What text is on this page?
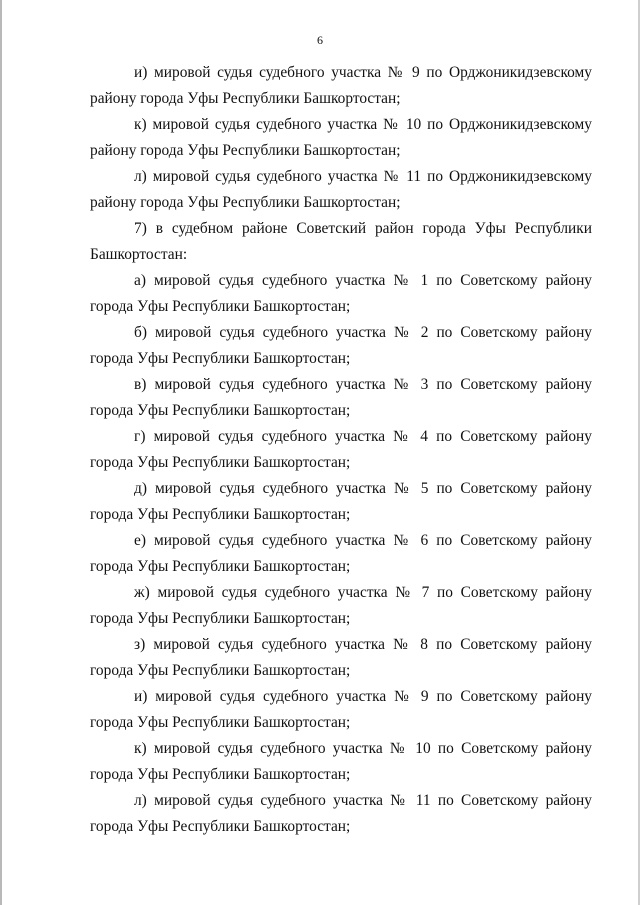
6

и) мировой судья судебного участка № 9 по Орджоникидзевскому району города Уфы Республики Башкортостан;

к) мировой судья судебного участка № 10 по Орджоникидзевскому району города Уфы Республики Башкортостан;

л) мировой судья судебного участка № 11 по Орджоникидзевскому району города Уфы Республики Башкортостан;

7) в судебном районе Советский район города Уфы Республики Башкортостан:

а) мировой судья судебного участка № 1 по Советскому району города Уфы Республики Башкортостан;

б) мировой судья судебного участка № 2 по Советскому району города Уфы Республики Башкортостан;

в) мировой судья судебного участка № 3 по Советскому району города Уфы Республики Башкортостан;

г) мировой судья судебного участка № 4 по Советскому району города Уфы Республики Башкортостан;

д) мировой судья судебного участка № 5 по Советскому району города Уфы Республики Башкортостан;

е) мировой судья судебного участка № 6 по Советскому району города Уфы Республики Башкортостан;

ж) мировой судья судебного участка № 7 по Советскому району города Уфы Республики Башкортостан;

з) мировой судья судебного участка № 8 по Советскому району города Уфы Республики Башкортостан;

и) мировой судья судебного участка № 9 по Советскому району города Уфы Республики Башкортостан;

к) мировой судья судебного участка № 10 по Советскому району города Уфы Республики Башкортостан;

л) мировой судья судебного участка № 11 по Советскому району города Уфы Республики Башкортостан;
